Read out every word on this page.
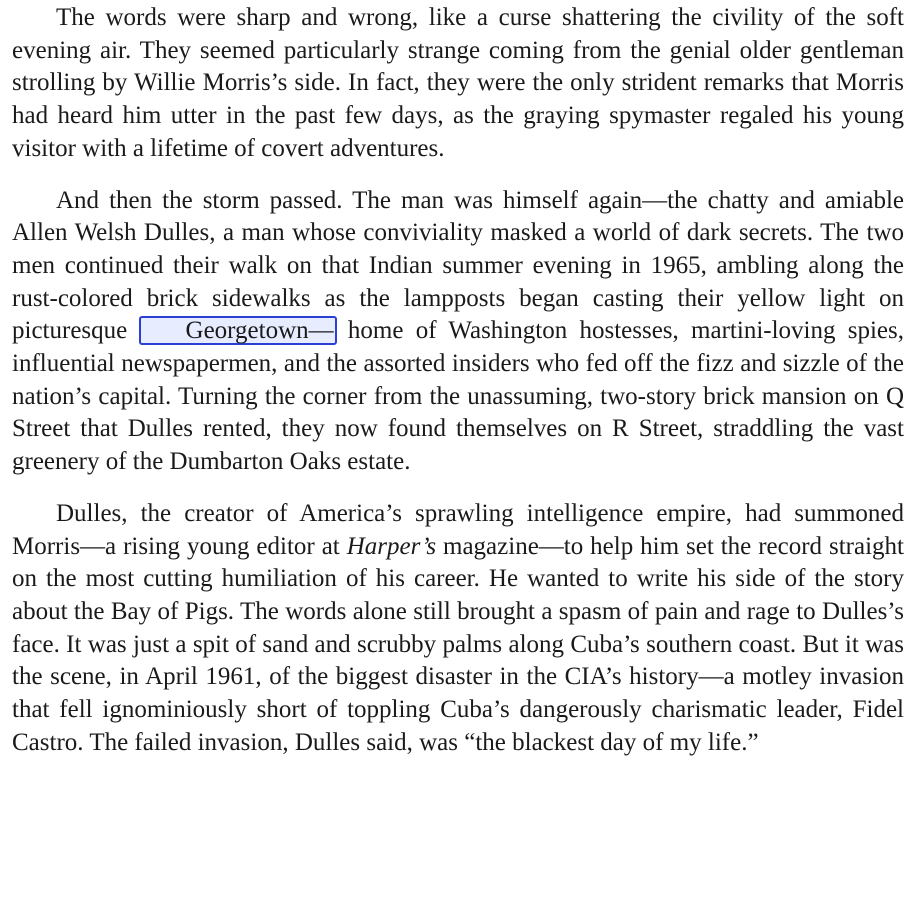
The words were sharp and wrong, like a curse shattering the civility of the soft evening air. They seemed particularly strange coming from the genial older gentleman strolling by Willie Morris’s side. In fact, they were the only strident remarks that Morris had heard him utter in the past few days, as the graying spymaster regaled his young visitor with a lifetime of covert adventures.

And then the storm passed. The man was himself again—the chatty and amiable Allen Welsh Dulles, a man whose conviviality masked a world of dark secrets. The two men continued their walk on that Indian summer evening in 1965, ambling along the rust-colored brick sidewalks as the lampposts began casting their yellow light on picturesque Georgetown— home of Washington hostesses, martini-loving spies, influential newspapermen, and the assorted insiders who fed off the fizz and sizzle of the nation’s capital. Turning the corner from the unassuming, two-story brick mansion on Q Street that Dulles rented, they now found themselves on R Street, straddling the vast greenery of the Dumbarton Oaks estate.

Dulles, the creator of America’s sprawling intelligence empire, had summoned Morris—a rising young editor at Harper’s magazine—to help him set the record straight on the most cutting humiliation of his career. He wanted to write his side of the story about the Bay of Pigs. The words alone still brought a spasm of pain and rage to Dulles’s face. It was just a spit of sand and scrubby palms along Cuba’s southern coast. But it was the scene, in April 1961, of the biggest disaster in the CIA’s history—a motley invasion that fell ignominiously short of toppling Cuba’s dangerously charismatic leader, Fidel Castro. The failed invasion, Dulles said, was “the blackest day of my life.”
